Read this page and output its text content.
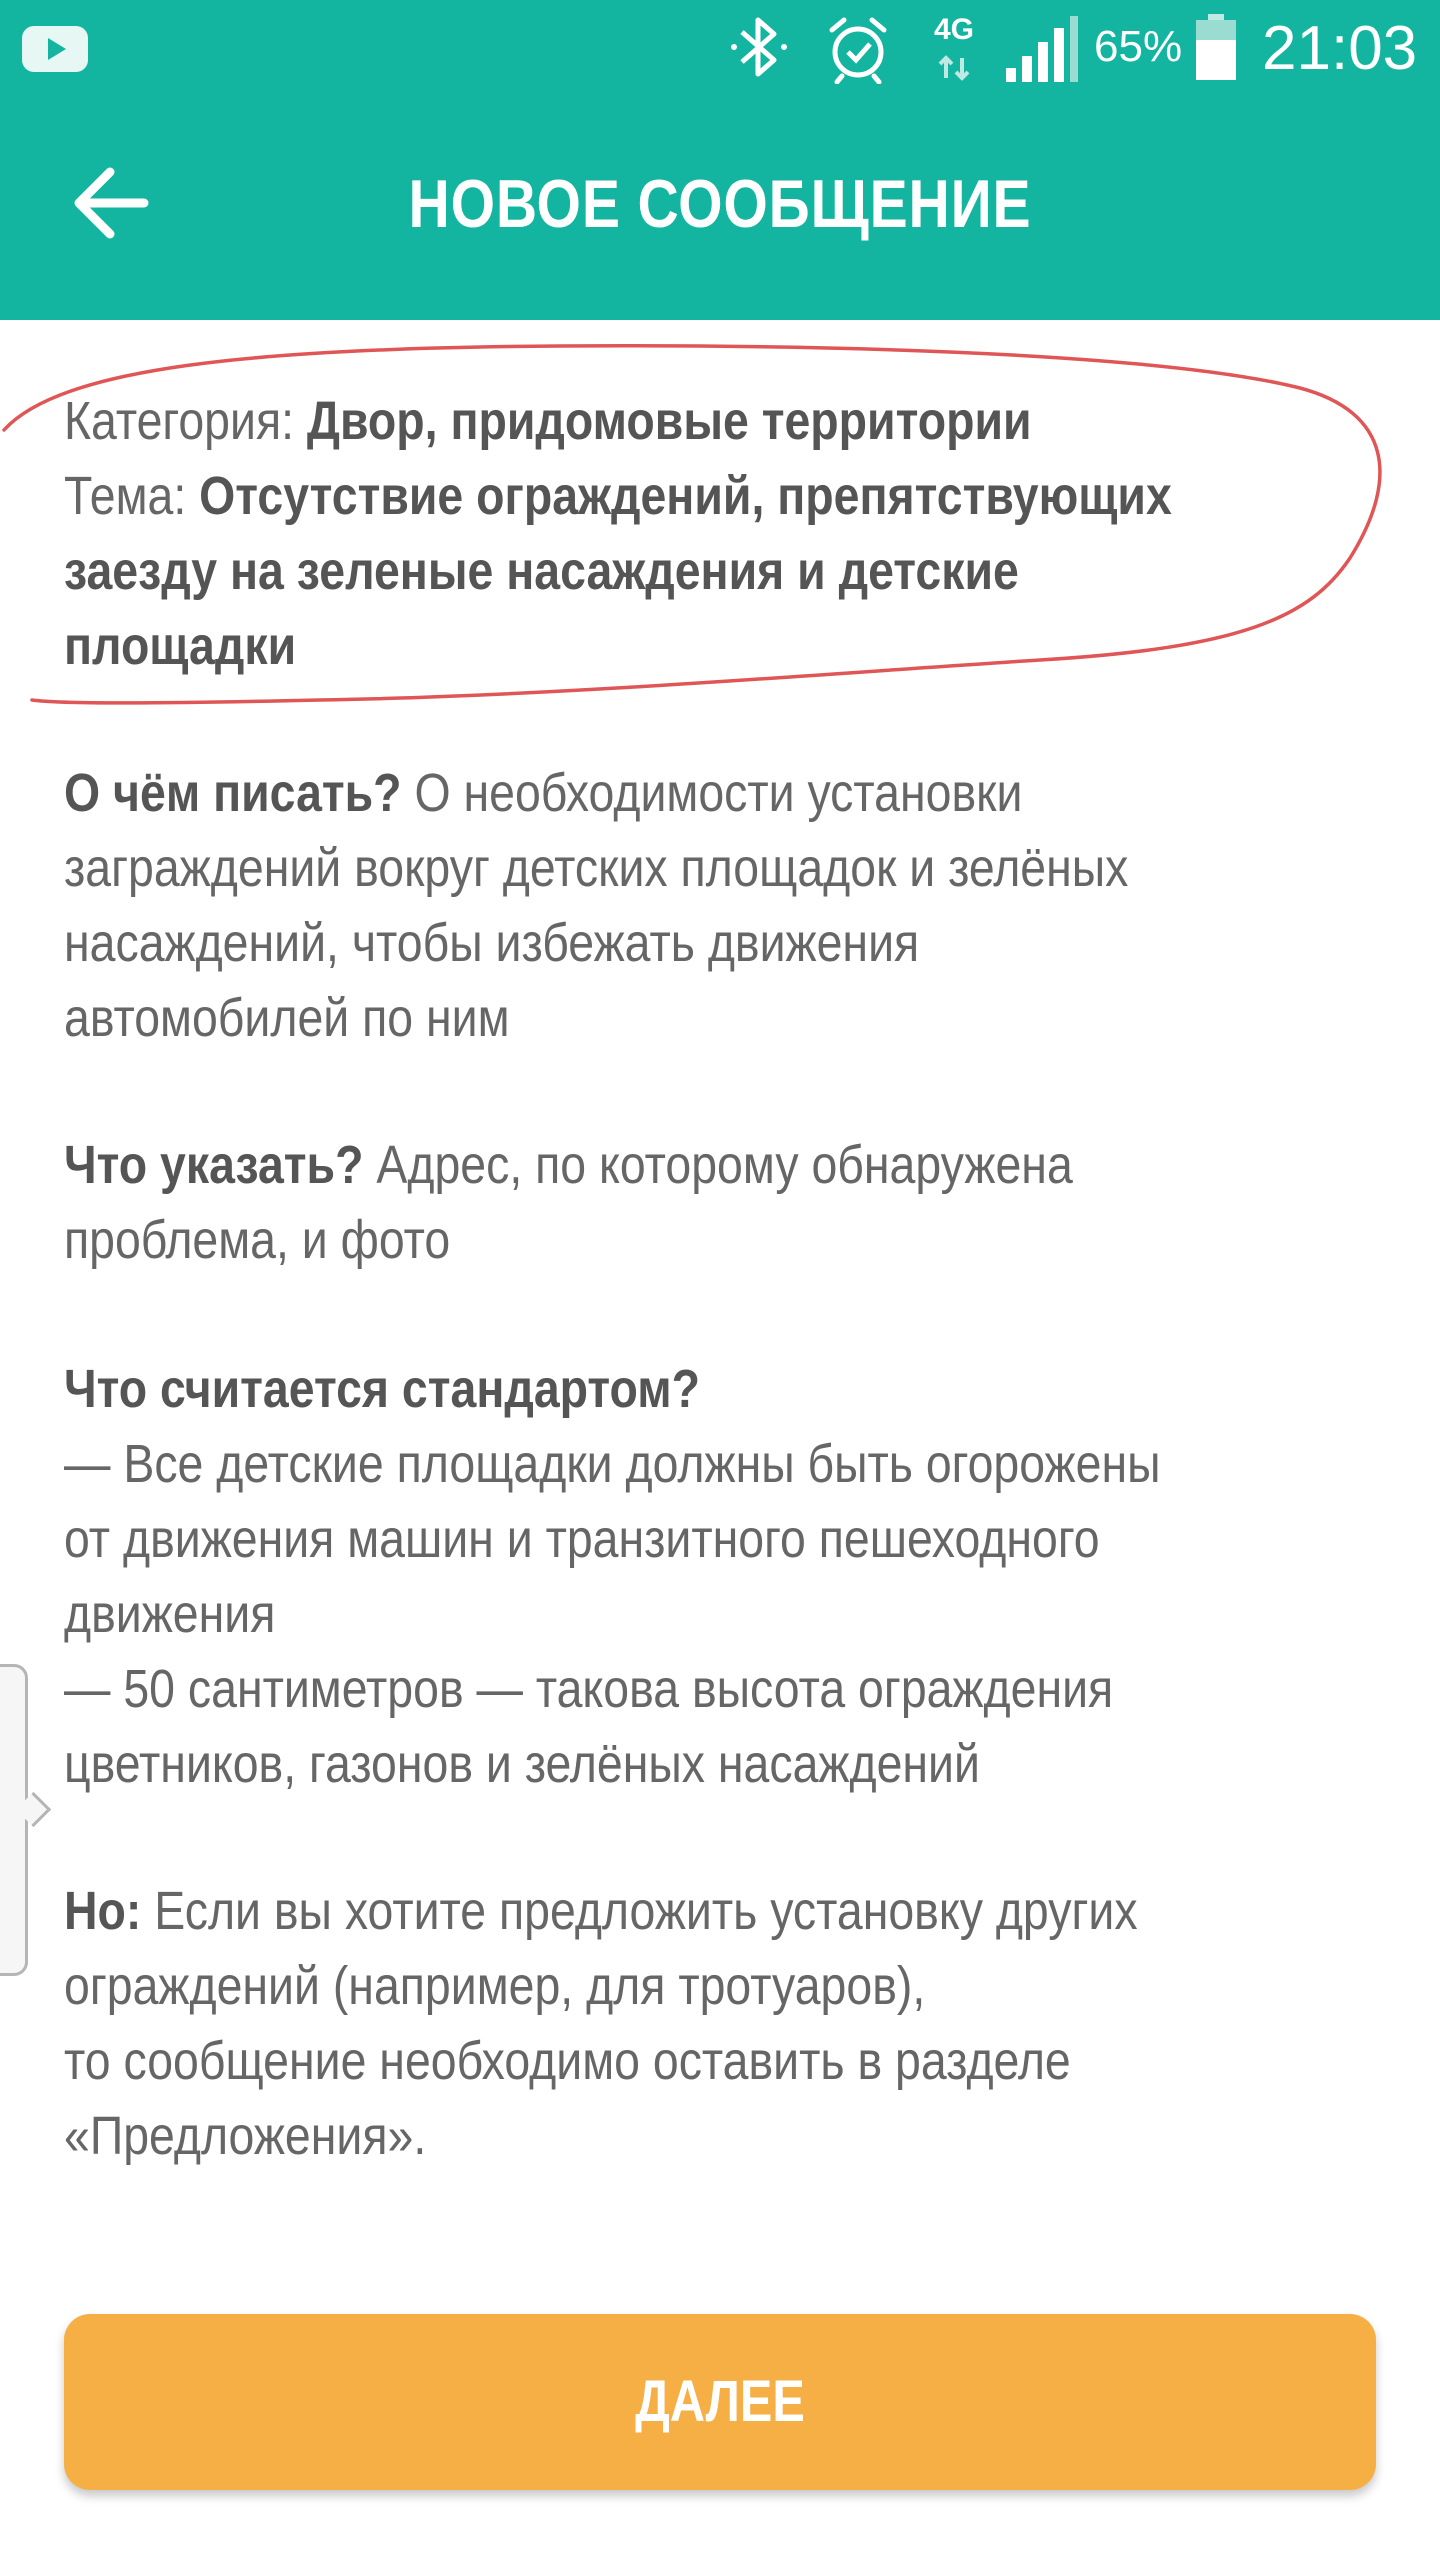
4G	65% 21:03
НОВОЕ СООБЩЕНИЕ
Категория: Двор, придомовые территории
Тема: Отсутствие ограждений, препятствующих
заезду на зеленые насаждения и детские
площадки
О чём писать? О необходимости установки
заграждений вокруг детских площадок и зелёных
насаждений, чтобы избежать движения
автомобилей по ним
Что указать? Адрес, по которому обнаружена
проблема, и фото
Что считается стандартом?
— Все детские площадки должны быть огорожены
от движения машин и транзитного пешеходного
движения
— 50 сантиметров — такова высота ограждения
цветников, газонов и зелёных насаждений
Но: Если вы хотите предложить установку других
ограждений (например, для тротуаров),
то сообщение необходимо оставить в разделе
«Предложения».
ДАЛЕЕ
